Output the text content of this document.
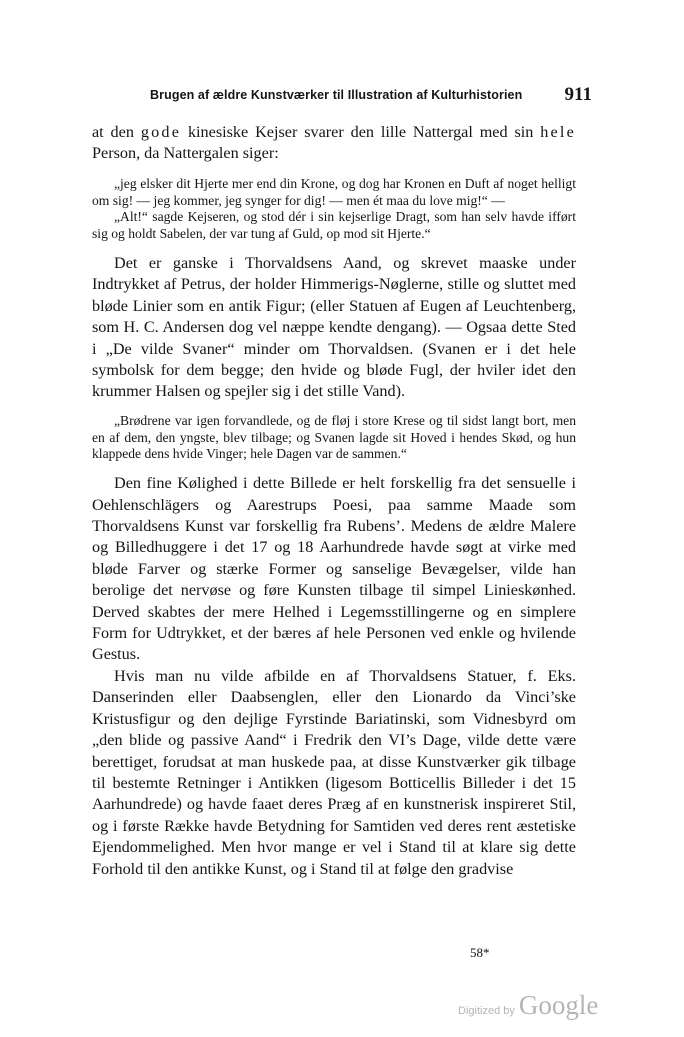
Brugen af ældre Kunstværker til Illustration af Kulturhistorien 911

at den gode kinesiske Kejser svarer den lille Nattergal med sin hele Person, da Nattergalen siger:

„jeg elsker dit Hjerte mer end din Krone, og dog har Kronen en Duft af noget helligt om sig! — jeg kommer, jeg synger for dig! — men ét maa du love mig!“ —
„Alt!“ sagde Kejseren, og stod dér i sin kejserlige Dragt, som han selv havde ifført sig og holdt Sabelen, der var tung af Guld, op mod sit Hjerte.“

Det er ganske i Thorvaldsens Aand, og skrevet maaske under Indtrykket af Petrus, der holder Himmerigs-Nøglerne, stille og sluttet med bløde Linier som en antik Figur; (eller Statuen af Eugen af Leuchtenberg, som H. C. Andersen dog vel næppe kendte dengang). — Ogsaa dette Sted i „De vilde Svaner“ minder om Thorvaldsen. (Svanen er i det hele symbolsk for dem begge; den hvide og bløde Fugl, der hviler idet den krummer Halsen og spejler sig i det stille Vand).

„Brødrene var igen forvandlede, og de fløj i store Krese og til sidst langt bort, men en af dem, den yngste, blev tilbage; og Svanen lagde sit Hoved i hendes Skød, og hun klappede dens hvide Vinger; hele Dagen var de sammen.“

Den fine Kølighed i dette Billede er helt forskellig fra det sensuelle i Oehlenschlägers og Aarestrups Poesi, paa samme Maade som Thorvaldsens Kunst var forskellig fra Rubens’. Medens de ældre Malere og Billedhuggere i det 17 og 18 Aarhundrede havde søgt at virke med bløde Farver og stærke Former og sanselige Bevægelser, vilde han berolige det nervøse og føre Kunsten tilbage til simpel Linieskønhed. Derved skabtes der mere Helhed i Legemsstillingerne og en simplere Form for Udtrykket, et der bæres af hele Personen ved enkle og hvilende Gestus.

Hvis man nu vilde afbilde en af Thorvaldsens Statuer, f. Eks. Danserinden eller Daabsenglen, eller den Lionardo da Vinci’ske Kristusfigur og den dejlige Fyrstinde Bariatinski, som Vidnesbyrd om „den blide og passive Aand“ i Fredrik den VI’s Dage, vilde dette være berettiget, forudsat at man huskede paa, at disse Kunstværker gik tilbage til bestemte Retninger i Antikken (ligesom Botticellis Billeder i det 15 Aarhundrede) og havde faaet deres Præg af en kunstnerisk inspireret Stil, og i første Række havde Betydning for Samtiden ved deres rent æstetiske Ejendommelighed. Men hvor mange er vel i Stand til at klare sig dette Forhold til den antikke Kunst, og i Stand til at følge den gradvise

58*
Digitized by Google
